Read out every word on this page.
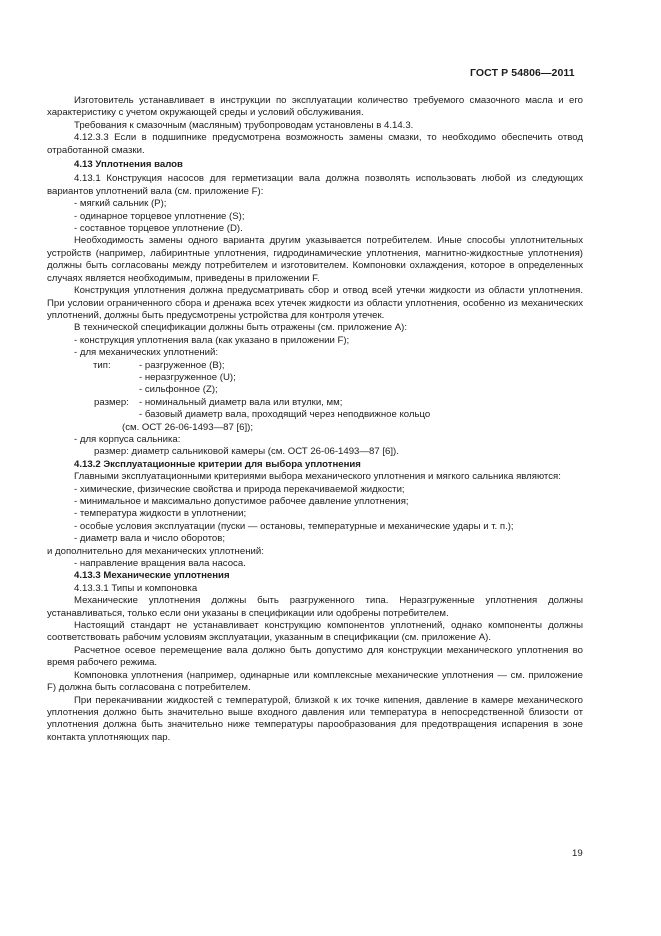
ГОСТ Р 54806—2011

Изготовитель устанавливает в инструкции по эксплуатации количество требуемого смазочного масла и его характеристику с учетом окружающей среды и условий обслуживания.

Требования к смазочным (масляным) трубопроводам установлены в 4.14.3.

4.12.3.3 Если в подшипнике предусмотрена возможность замены смазки, то необходимо обеспечить отвод отработанной смазки.

4.13 Уплотнения валов

4.13.1 Конструкция насосов для герметизации вала должна позволять использовать любой из следующих вариантов уплотнений вала (см. приложение F):

- мягкий сальник (P);

- одинарное торцевое уплотнение (S);

- составное торцевое уплотнение (D).

Необходимость замены одного варианта другим указывается потребителем. Иные способы уплотнительных устройств (например, лабиринтные уплотнения, гидродинамические уплотнения, магнитно-жидкостные уплотнения) должны быть согласованы между потребителем и изготовителем. Компоновки охлаждения, которое в определенных случаях является необходимым, приведены в приложении F.

Конструкция уплотнения должна предусматривать сбор и отвод всей утечки жидкости из области уплотнения. При условии ограниченного сбора и дренажа всех утечек жидкости из области уплотнения, особенно из механических уплотнений, должны быть предусмотрены устройства для контроля утечек.

В технической спецификации должны быть отражены (см. приложение А):

- конструкция уплотнения вала (как указано в приложении F);

- для механических уплотнений:

тип:	- разгруженное (B);

- неразгруженное (U);

- сильфонное (Z);

размер:	- номинальный диаметр вала или втулки, мм;

- базовый диаметр вала, проходящий через неподвижное кольцо

(см. ОСТ 26-06-1493—87 [6]);

- для корпуса сальника:

размер: диаметр сальниковой камеры (см. ОСТ 26-06-1493—87 [6]).

4.13.2 Эксплуатационные критерии для выбора уплотнения

Главными эксплуатационными критериями выбора механического уплотнения и мягкого сальника являются:

- химические, физические свойства и природа перекачиваемой жидкости;

- минимальное и максимально допустимое рабочее давление уплотнения;

- температура жидкости в уплотнении;

- особые условия эксплуатации (пуски — остановы, температурные и механические удары и т. п.);

- диаметр вала и число оборотов;

и дополнительно для механических уплотнений:

- направление вращения вала насоса.

4.13.3 Механические уплотнения

4.13.3.1 Типы и компоновка

Механические уплотнения должны быть разгруженного типа. Неразгруженные уплотнения должны устанавливаться, только если они указаны в спецификации или одобрены потребителем.

Настоящий стандарт не устанавливает конструкцию компонентов уплотнений, однако компоненты должны соответствовать рабочим условиям эксплуатации, указанным в спецификации (см. приложение А).

Расчетное осевое перемещение вала должно быть допустимо для конструкции механического уплотнения во время рабочего режима.

Компоновка уплотнения (например, одинарные или комплексные механические уплотнения — см. приложение F) должна быть согласована с потребителем.

При перекачивании жидкостей с температурой, близкой к их точке кипения, давление в камере механического уплотнения должно быть значительно выше входного давления или температура в непосредственной близости от уплотнения должна быть значительно ниже температуры парообразования для предотвращения испарения в зоне контакта уплотняющих пар.

19
